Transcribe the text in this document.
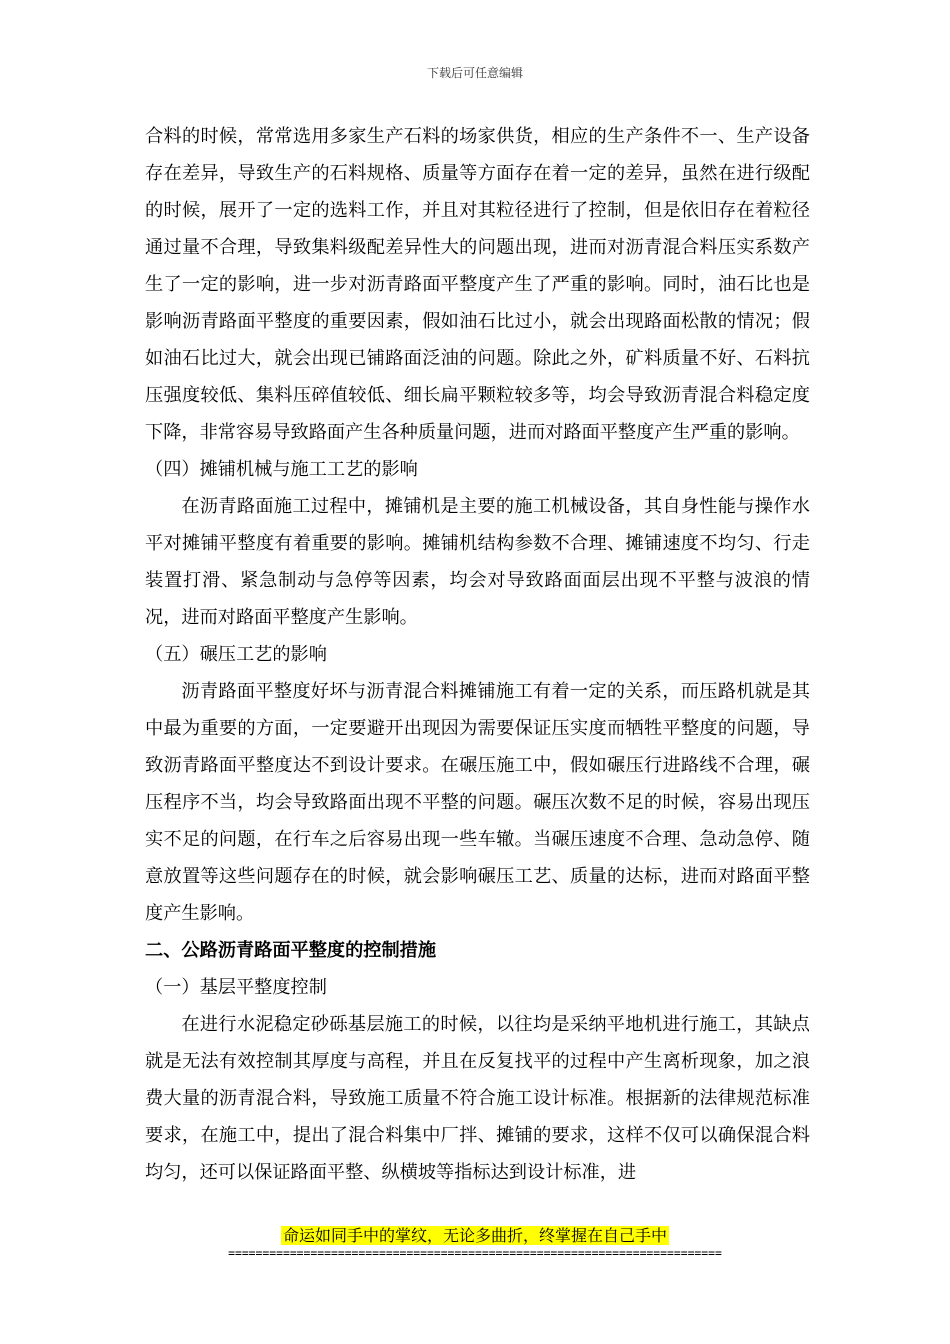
下载后可任意编辑

合料的时候，常常选用多家生产石料的场家供货，相应的生产条件不一、生产设备存在差异，导致生产的石料规格、质量等方面存在着一定的差异，虽然在进行级配的时候，展开了一定的选料工作，并且对其粒径进行了控制，但是依旧存在着粒径通过量不合理，导致集料级配差异性大的问题出现，进而对沥青混合料压实系数产生了一定的影响，进一步对沥青路面平整度产生了严重的影响。同时，油石比也是影响沥青路面平整度的重要因素，假如油石比过小，就会出现路面松散的情况；假如油石比过大，就会出现已铺路面泛油的问题。除此之外，矿料质量不好、石料抗压强度较低、集料压碎值较低、细长扁平颗粒较多等，均会导致沥青混合料稳定度下降，非常容易导致路面产生各种质量问题，进而对路面平整度产生严重的影响。

（四）摊铺机械与施工工艺的影响

在沥青路面施工过程中，摊铺机是主要的施工机械设备，其自身性能与操作水平对摊铺平整度有着重要的影响。摊铺机结构参数不合理、摊铺速度不均匀、行走装置打滑、紧急制动与急停等因素，均会对导致路面面层出现不平整与波浪的情况，进而对路面平整度产生影响。

（五）碾压工艺的影响

沥青路面平整度好坏与沥青混合料摊铺施工有着一定的关系，而压路机就是其中最为重要的方面，一定要避开出现因为需要保证压实度而牺牲平整度的问题，导致沥青路面平整度达不到设计要求。在碾压施工中，假如碾压行进路线不合理，碾压程序不当，均会导致路面出现不平整的问题。碾压次数不足的时候，容易出现压实不足的问题，在行车之后容易出现一些车辙。当碾压速度不合理、急动急停、随意放置等这些问题存在的时候，就会影响碾压工艺、质量的达标，进而对路面平整度产生影响。

二、公路沥青路面平整度的控制措施

（一）基层平整度控制

在进行水泥稳定砂砾基层施工的时候，以往均是采纳平地机进行施工，其缺点就是无法有效控制其厚度与高程，并且在反复找平的过程中产生离析现象，加之浪费大量的沥青混合料，导致施工质量不符合施工设计标准。根据新的法律规范标准要求，在施工中，提出了混合料集中厂拌、摊铺的要求，这样不仅可以确保混合料均匀，还可以保证路面平整、纵横坡等指标达到设计标准，进

命运如同手中的掌纹，无论多曲折，终掌握在自己手中
========================================================================
